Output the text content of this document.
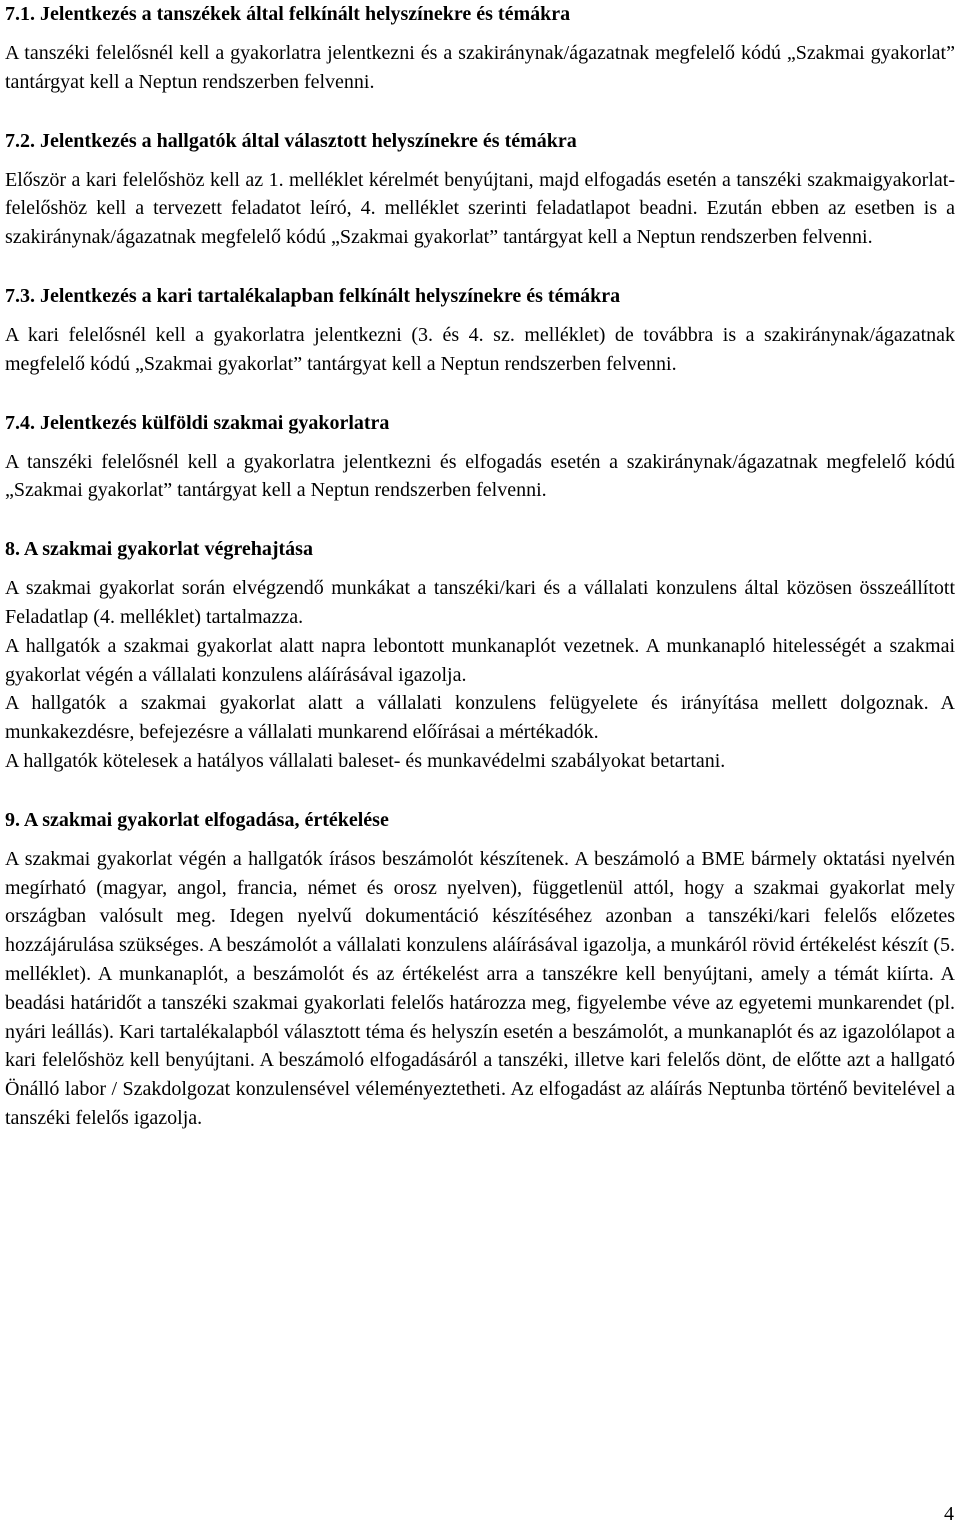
7.1. Jelentkezés a tanszékek által felkínált helyszínekre és témákra

A tanszéki felelősnél kell a gyakorlatra jelentkezni és a szakiránynak/ágazatnak megfelelő kódú „Szakmai gyakorlat” tantárgyat kell a Neptun rendszerben felvenni.

7.2. Jelentkezés a hallgatók által választott helyszínekre és témákra

Először a kari felelőshöz kell az 1. melléklet kérelmét benyújtani, majd elfogadás esetén a tanszéki szakmaigyakorlat-felelőshöz kell a tervezett feladatot leíró, 4. melléklet szerinti feladatlapot beadni. Ezután ebben az esetben is a szakiránynak/ágazatnak megfelelő kódú „Szakmai gyakorlat” tantárgyat kell a Neptun rendszerben felvenni.

7.3. Jelentkezés a kari tartalékalapban felkínált helyszínekre és témákra

A kari felelősnél kell a gyakorlatra jelentkezni (3. és 4. sz. melléklet) de továbbra is a szakiránynak/ágazatnak megfelelő kódú „Szakmai gyakorlat” tantárgyat kell a Neptun rendszerben felvenni.

7.4. Jelentkezés külföldi szakmai gyakorlatra

A tanszéki felelősnél kell a gyakorlatra jelentkezni és elfogadás esetén a szakiránynak/ágazatnak megfelelő kódú „Szakmai gyakorlat” tantárgyat kell a Neptun rendszerben felvenni.

8. A szakmai gyakorlat végrehajtása

A szakmai gyakorlat során elvégzendő munkákat a tanszéki/kari és a vállalati konzulens által közösen összeállított Feladatlap (4. melléklet) tartalmazza.

A hallgatók a szakmai gyakorlat alatt napra lebontott munkanaplót vezetnek. A munkanapló hitelességét a szakmai gyakorlat végén a vállalati konzulens aláírásával igazolja.

A hallgatók a szakmai gyakorlat alatt a vállalati konzulens felügyelete és irányítása mellett dolgoznak. A munkakezdésre, befejezésre a vállalati munkarend előírásai a mértékadók.

A hallgatók kötelesek a hatályos vállalati baleset- és munkavédelmi szabályokat betartani.

9. A szakmai gyakorlat elfogadása, értékelése

A szakmai gyakorlat végén a hallgatók írásos beszámolót készítenek. A beszámoló a BME bármely oktatási nyelvén megírható (magyar, angol, francia, német és orosz nyelven), függetlenül attól, hogy a szakmai gyakorlat mely országban valósult meg. Idegen nyelvű dokumentáció készítéséhez azonban a tanszéki/kari felelős előzetes hozzájárulása szükséges. A beszámolót a vállalati konzulens aláírásával igazolja, a munkáról rövid értékelést készít (5. melléklet). A munkanaplót, a beszámolót és az értékelést arra a tanszékre kell benyújtani, amely a témát kiírta. A beadási határidőt a tanszéki szakmai gyakorlati felelős határozza meg, figyelembe véve az egyetemi munkarendet (pl. nyári leállás). Kari tartalékalapból választott téma és helyszín esetén a beszámolót, a munkanaplót és az igazolólapot a kari felelőshöz kell benyújtani. A beszámoló elfogadásáról a tanszéki, illetve kari felelős dönt, de előtte azt a hallgató Önálló labor / Szakdolgozat konzulensével véleményeztetheti. Az elfogadást az aláírás Neptunba történő bevitelével a tanszéki felelős igazolja.

4
